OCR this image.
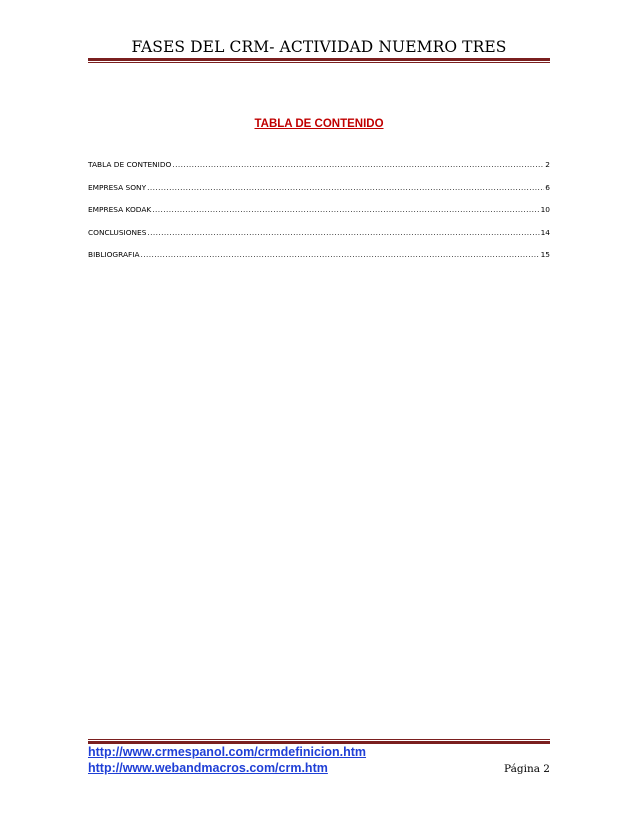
FASES DEL CRM- ACTIVIDAD NUEMRO TRES
TABLA DE CONTENIDO
TABLA DE CONTENIDO .....	2
EMPRESA SONY .....	6
EMPRESA KODAK .....	10
CONCLUSIONES .....	14
BIBLIOGRAFIA .....	15
http://www.crmespanol.com/crmdefinicion.htm
http://www.webandmacros.com/crm.htm	Página 2
